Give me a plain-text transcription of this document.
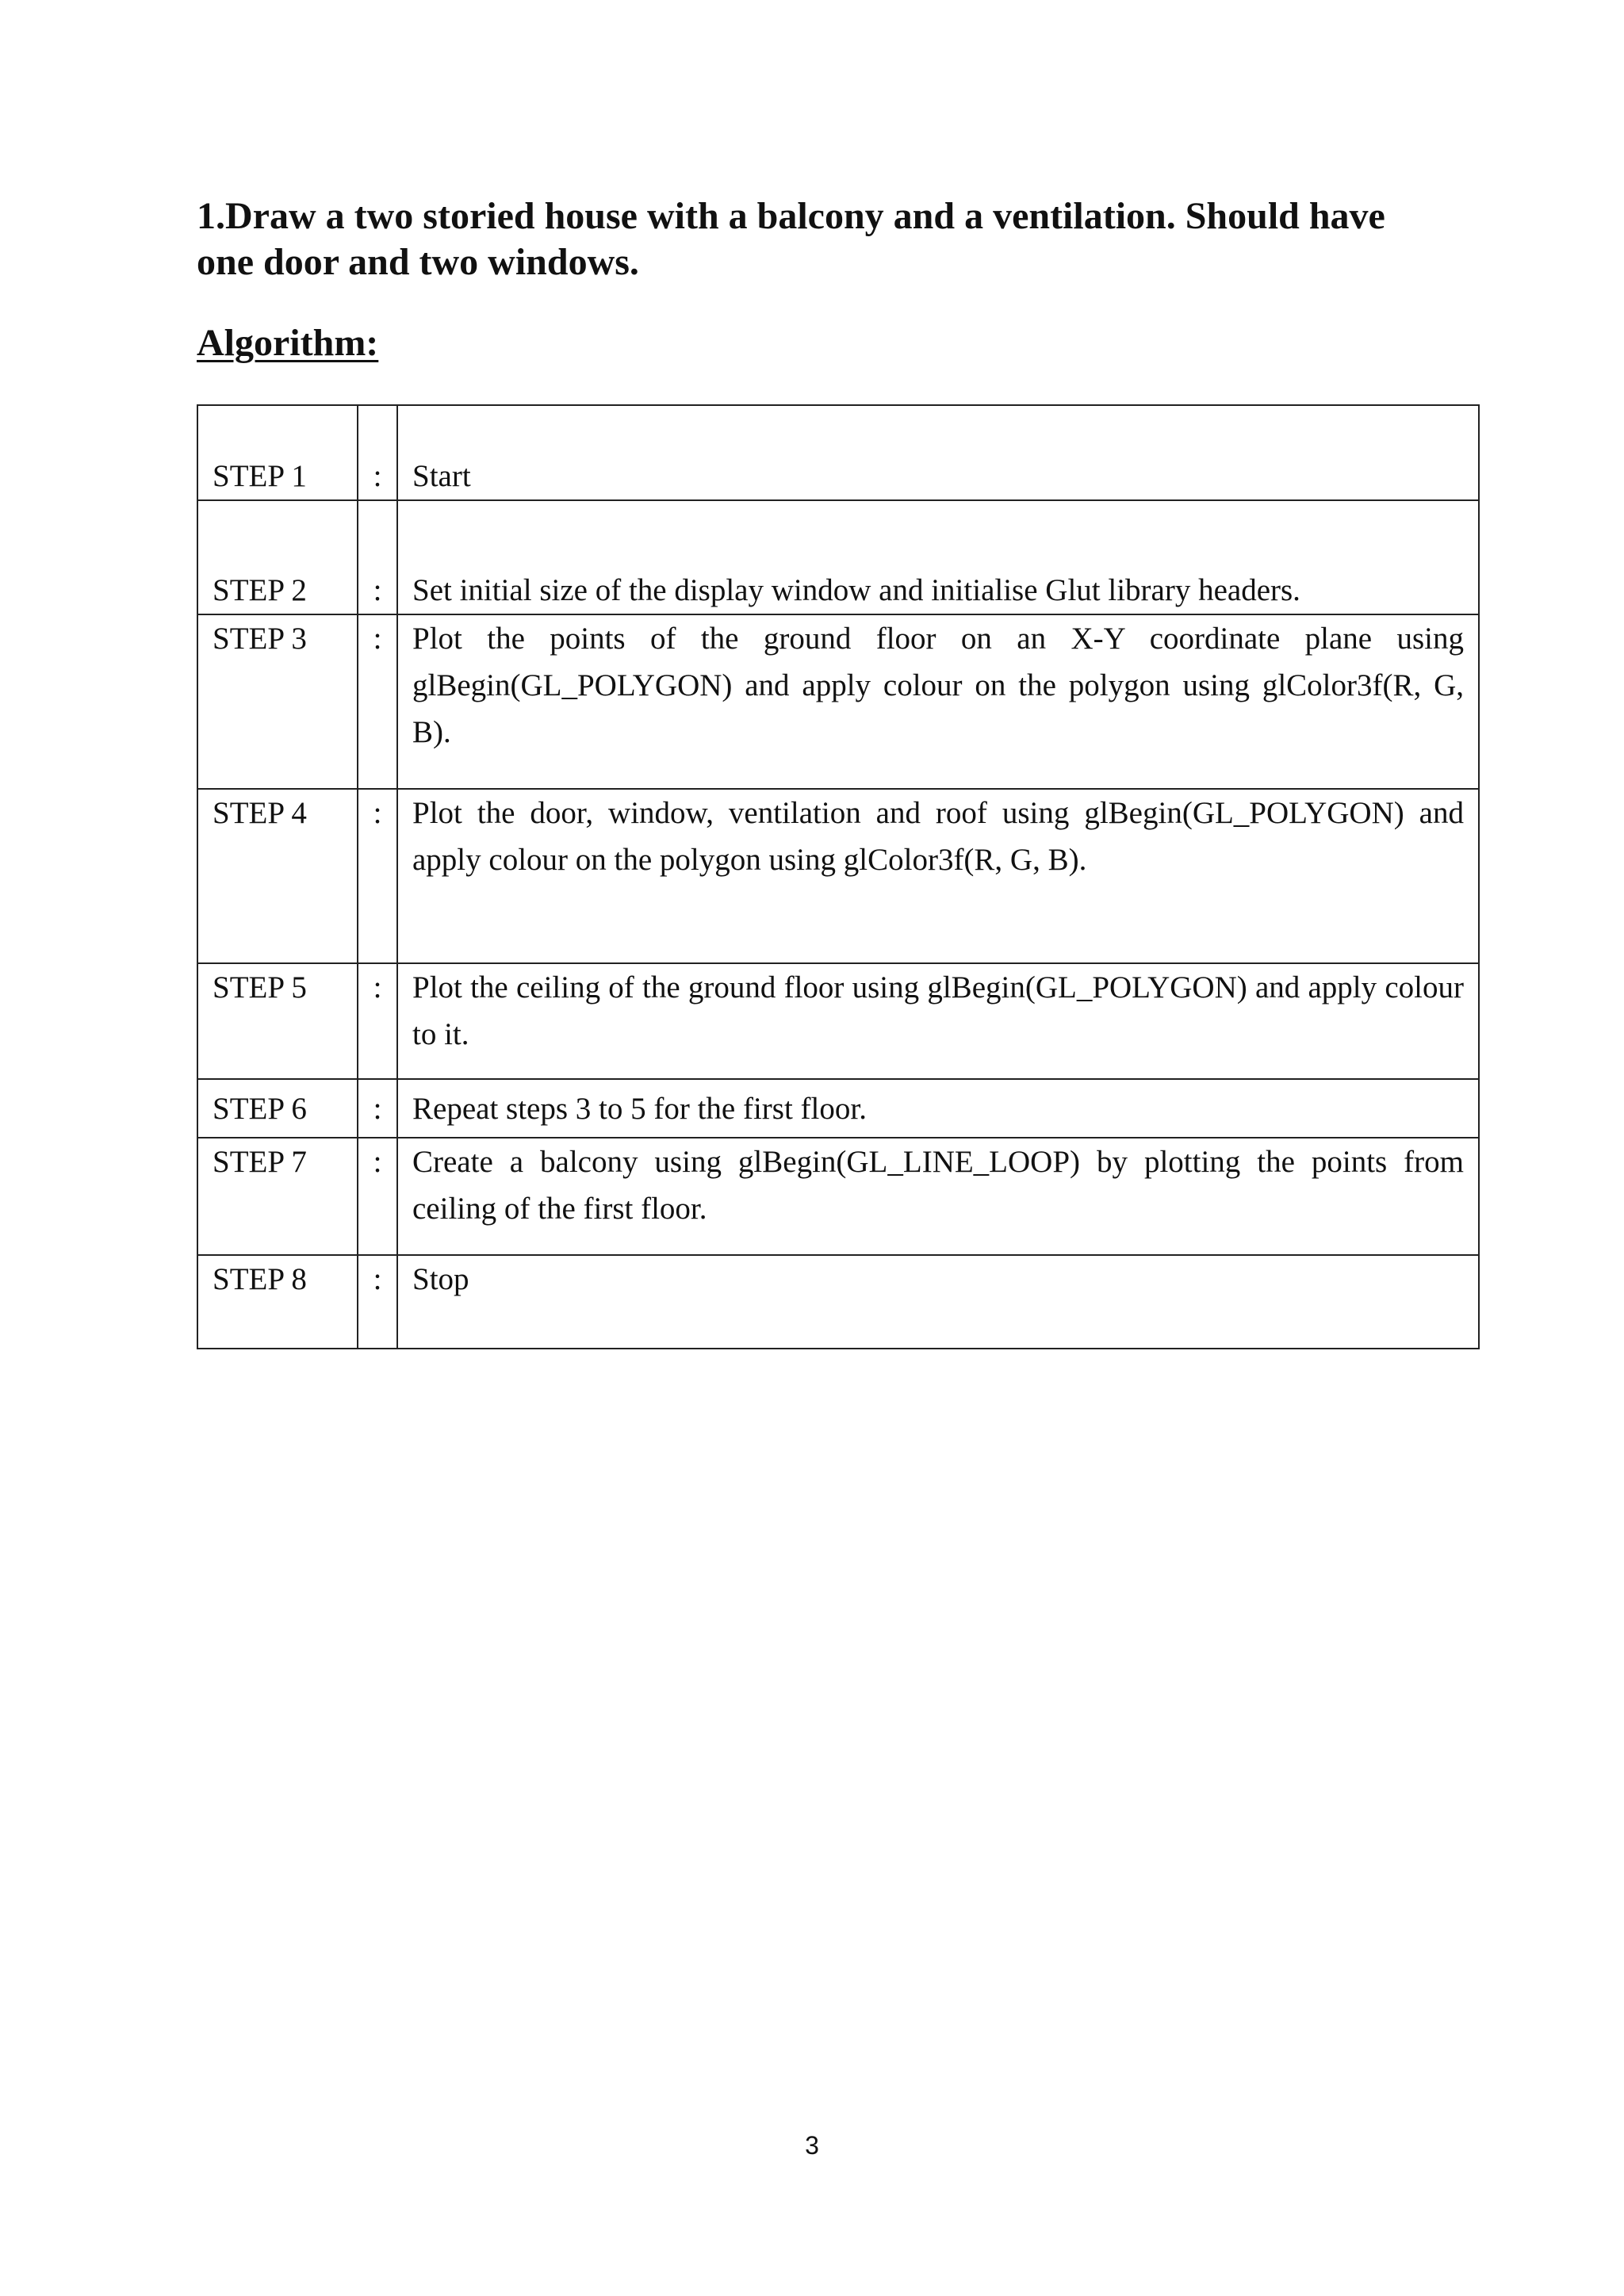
1.Draw a two storied house with a balcony and a ventilation. Should have one door and two windows.
Algorithm:
STEP 1	:	Start
STEP 2	:	Set initial size of the display window and initialise Glut library headers.
STEP 3	:	Plot the points of the ground floor on an X-Y coordinate plane using glBegin(GL_POLYGON) and apply colour on the polygon using glColor3f(R, G, B).
STEP 4	:	Plot the door, window, ventilation and roof using glBegin(GL_POLYGON) and apply colour on the polygon using glColor3f(R, G, B).
STEP 5	:	Plot the ceiling of the ground floor using glBegin(GL_POLYGON) and apply colour to it.
STEP 6	:	Repeat steps 3 to 5 for the first floor.
STEP 7	:	Create a balcony using glBegin(GL_LINE_LOOP) by plotting the points from ceiling of the first floor.
STEP 8	:	Stop
3
